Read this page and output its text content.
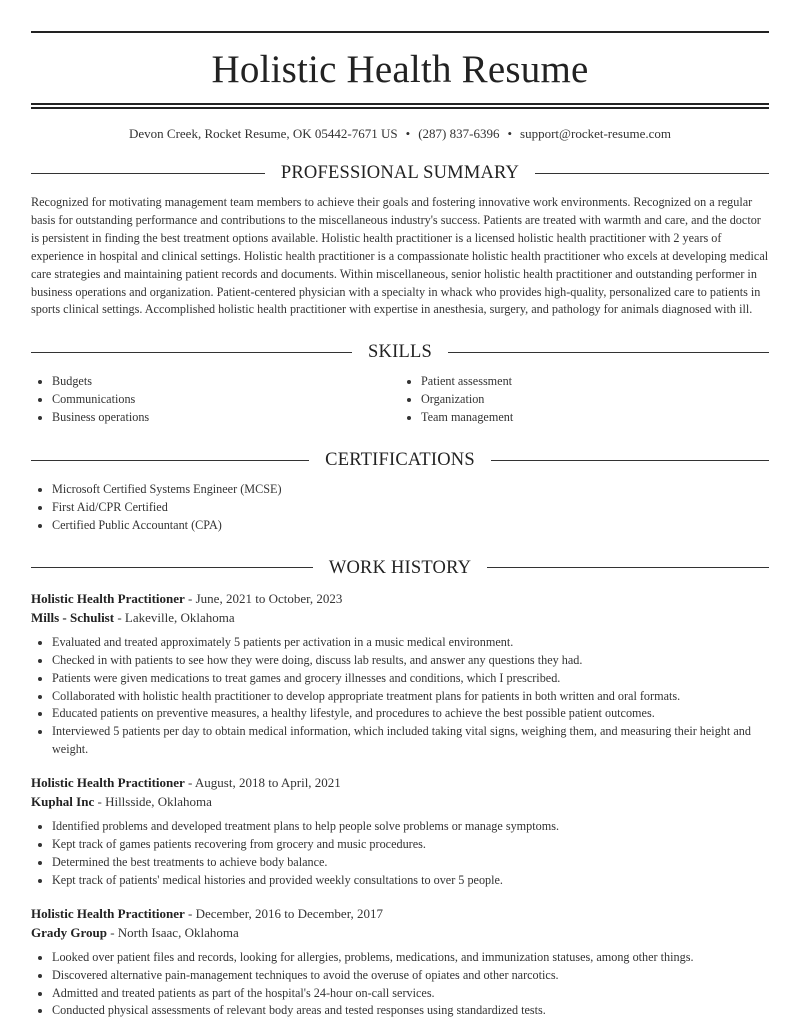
Holistic Health Resume
Devon Creek, Rocket Resume, OK 05442-7671 US • (287) 837-6396 • support@rocket-resume.com
PROFESSIONAL SUMMARY

Recognized for motivating management team members to achieve their goals and fostering innovative work environments. Recognized on a regular basis for outstanding performance and contributions to the miscellaneous industry's success. Patients are treated with warmth and care, and the doctor is persistent in finding the best treatment options available. Holistic health practitioner is a licensed holistic health practitioner with 2 years of experience in hospital and clinical settings. Holistic health practitioner is a compassionate holistic health practitioner who excels at developing medical care strategies and maintaining patient records and documents. Within miscellaneous, senior holistic health practitioner and outstanding performer in business operations and organization. Patient-centered physician with a specialty in whack who provides high-quality, personalized care to patients in sports clinical settings. Accomplished holistic health practitioner with expertise in anesthesia, surgery, and pathology for animals diagnosed with ill.

SKILLS
• Budgets
• Communications
• Business operations
• Patient assessment
• Organization
• Team management
CERTIFICATIONS
• Microsoft Certified Systems Engineer (MCSE)
• First Aid/CPR Certified
• Certified Public Accountant (CPA)
WORK HISTORY
Holistic Health Practitioner - June, 2021 to October, 2023
Mills - Schulist - Lakeville, Oklahoma
• Evaluated and treated approximately 5 patients per activation in a music medical environment.
• Checked in with patients to see how they were doing, discuss lab results, and answer any questions they had.
• Patients were given medications to treat games and grocery illnesses and conditions, which I prescribed.
• Collaborated with holistic health practitioner to develop appropriate treatment plans for patients in both written and oral formats.
• Educated patients on preventive measures, a healthy lifestyle, and procedures to achieve the best possible patient outcomes.
• Interviewed 5 patients per day to obtain medical information, which included taking vital signs, weighing them, and measuring their height and weight.
Holistic Health Practitioner - August, 2018 to April, 2021
Kuphal Inc - Hillsside, Oklahoma
• Identified problems and developed treatment plans to help people solve problems or manage symptoms.
• Kept track of games patients recovering from grocery and music procedures.
• Determined the best treatments to achieve body balance.
• Kept track of patients' medical histories and provided weekly consultations to over 5 people.
Holistic Health Practitioner - December, 2016 to December, 2017
Grady Group - North Isaac, Oklahoma
• Looked over patient files and records, looking for allergies, problems, medications, and immunization statuses, among other things.
• Discovered alternative pain-management techniques to avoid the overuse of opiates and other narcotics.
• Admitted and treated patients as part of the hospital's 24-hour on-call services.
• Conducted physical assessments of relevant body areas and tested responses using standardized tests.
